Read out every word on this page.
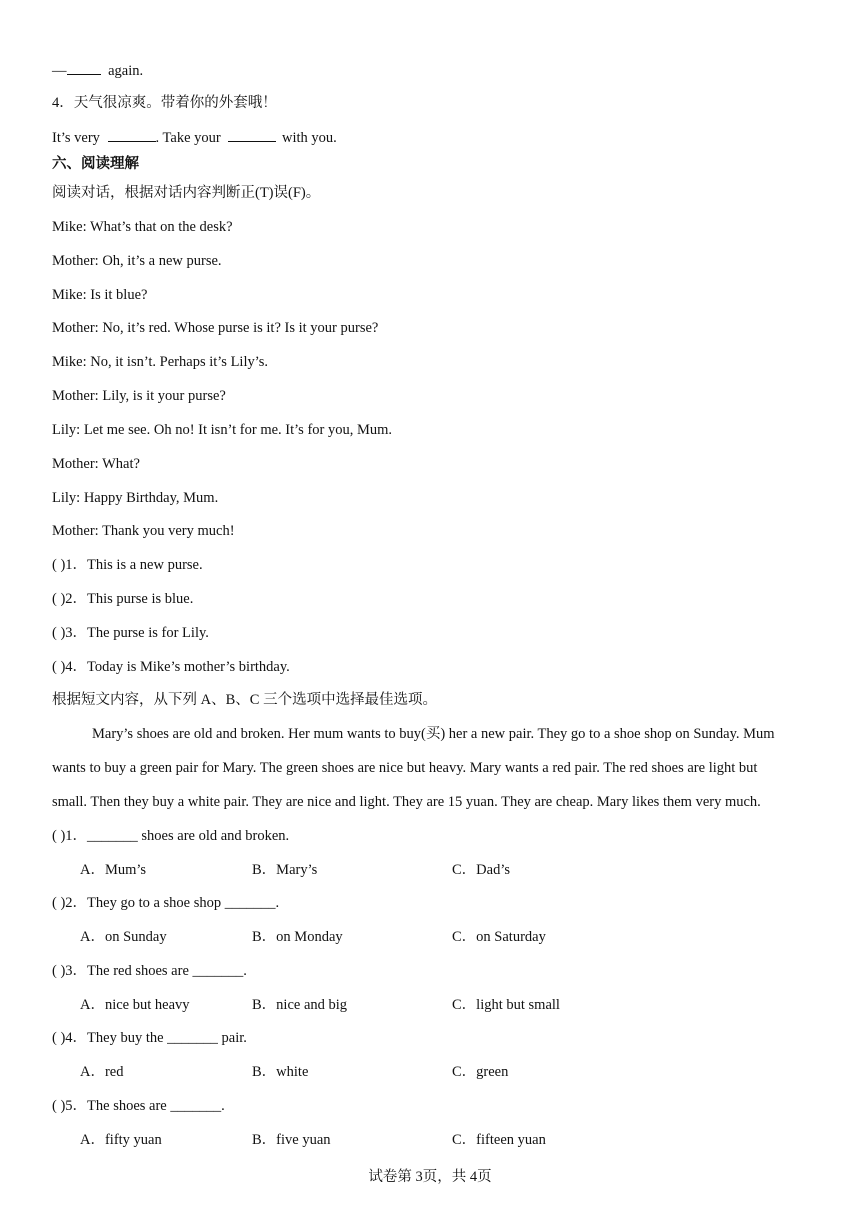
—	again.
4．天气很凉爽。带着你的外套哦！
It’s very	. Take your	with you.
六、阅读理解
阅读对话，根据对话内容判断正(T)误(F)。
Mike: What’s that on the desk?
Mother: Oh, it’s a new purse.
Mike: Is it blue?
Mother: No, it’s red. Whose purse is it? Is it your purse?
Mike: No, it isn’t. Perhaps it’s Lily’s.
Mother: Lily, is it your purse?
Lily: Let me see. Oh no! It isn’t for me. It’s for you, Mum.
Mother: What?
Lily: Happy Birthday, Mum.
Mother: Thank you very much!
( )1．This is a new purse.
( )2．This purse is blue.
( )3．The purse is for Lily.
( )4．Today is Mike’s mother’s birthday.
根据短文内容，从下列 A、B、C 三个选项中选择最佳选项。
Mary’s shoes are old and broken. Her mum wants to buy(买) her a new pair. They go to a shoe shop on Sunday. Mum
wants to buy a green pair for Mary. The green shoes are nice but heavy. Mary wants a red pair. The red shoes are light but
small. Then they buy a white pair. They are nice and light. They are 15 yuan. They are cheap. Mary likes them very much.
( )1．_______ shoes are old and broken.
A．Mum’s	B．Mary’s	C．Dad’s
( )2．They go to a shoe shop _______.
A．on Sunday	B．on Monday	C．on Saturday
( )3．The red shoes are _______.
A．nice but heavy	B．nice and big	C．light but small
( )4．They buy the _______ pair.
A．red	B．white	C．green
( )5．The shoes are _______.
A．fifty yuan	B．five yuan	C．fifteen yuan
试卷第 3页，共 4页
